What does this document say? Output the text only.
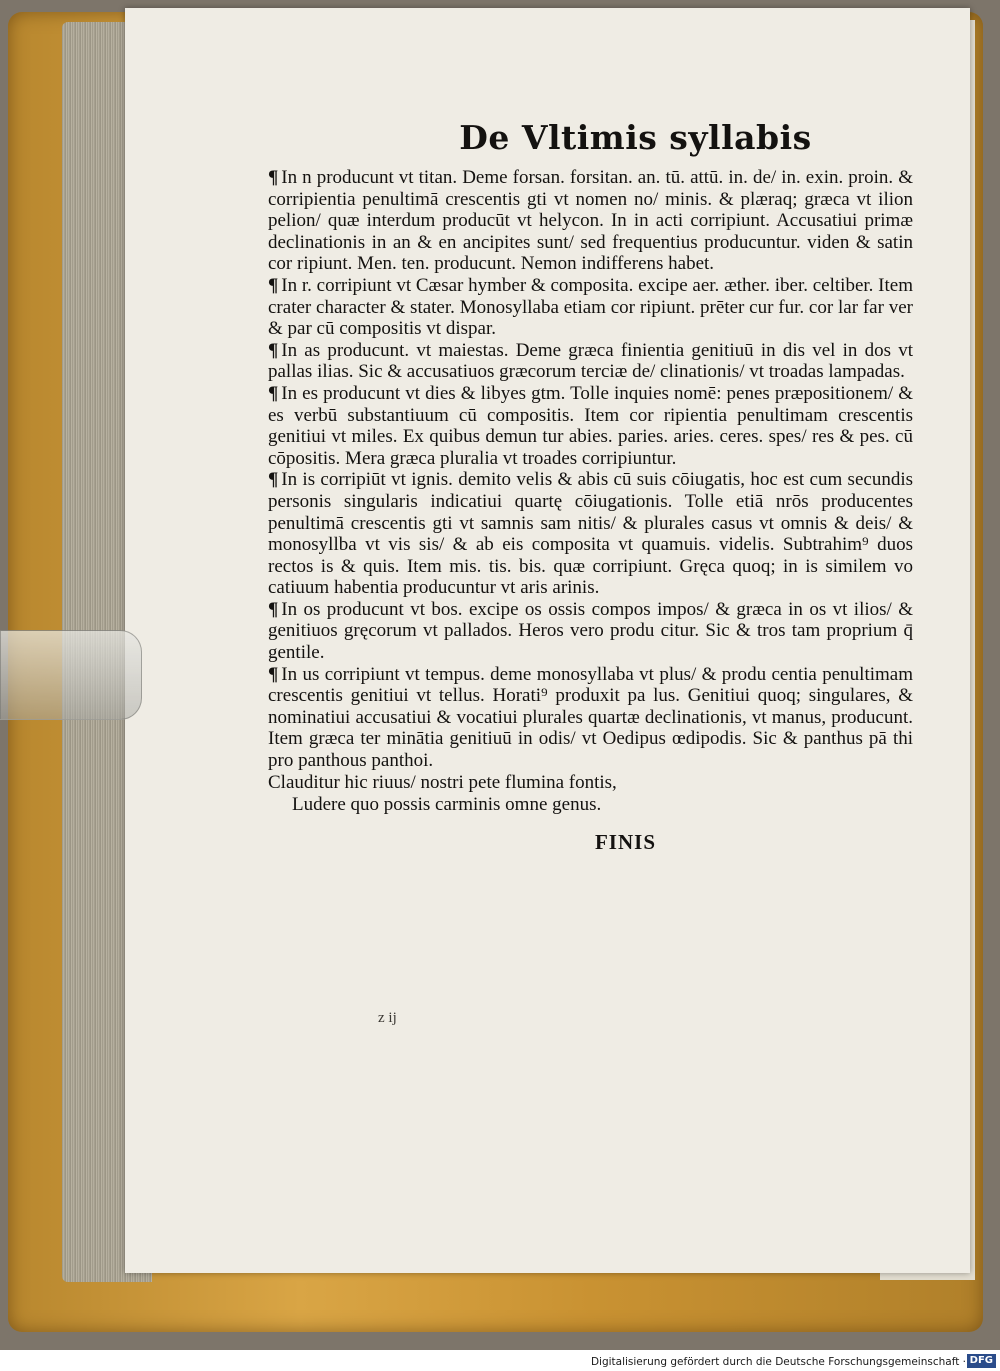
De Vltimis syllabis

¶ In n producunt vt titan. Deme forsan. forsitan. an. tū. attū. in. de/ in. exin. proin. & corripientia penultimā crescentis gti vt nomen no/ minis. & plæraq; græca vt ilion pelion/ quæ interdum producūt vt helycon. In in acti corripiunt. Accusatiui primæ declinationis in an & en ancipites sunt/ sed frequentius producuntur. viden & satin cor ripiunt. Men. ten. producunt. Nemon indifferens habet.

¶ In r. corripiunt vt Cæsar hymber & composita. excipe aer. æther. iber. celtiber. Item crater character & stater. Monosyllaba etiam cor ripiunt. prēter cur fur. cor lar far ver & par cū compositis vt dispar.

¶ In as producunt. vt maiestas. Deme græca finientia genitiuū in dis vel in dos vt pallas ilias. Sic & accusatiuos græcorum terciæ de/ clinationis/ vt troadas lampadas.

¶ In es producunt vt dies & libyes gtm. Tolle inquies nomē: penes præpositionem/ & es verbū substantiuum cū compositis. Item cor ripientia penultimam crescentis genitiui vt miles. Ex quibus demun tur abies. paries. aries. ceres. spes/ res & pes. cū cōpositis. Mera græca pluralia vt troades corripiuntur.

¶ In is corripiūt vt ignis. demito velis & abis cū suis cōiugatis, hoc est cum secundis personis singularis indicatiui quartę cōiugationis. Tolle etiā nrōs producentes penultimā crescentis gti vt samnis sam nitis/ & plurales casus vt omnis & deis/ & monosyllba vt vis sis/ & ab eis composita vt quamuis. videlis. Subtrahim⁹ duos rectos is & quis. Item mis. tis. bis. quæ corripiunt. Gręca quoq; in is similem vo catiuum habentia producuntur vt aris arinis.

¶ In os producunt vt bos. excipe os ossis compos impos/ & græca in os vt ilios/ & genitiuos gręcorum vt pallados. Heros vero produ citur. Sic & tros tam proprium q̄ gentile.

¶ In us corripiunt vt tempus. deme monosyllaba vt plus/ & produ centia penultimam crescentis genitiui vt tellus. Horati⁹ produxit pa lus. Genitiui quoq; singulares, & nominatiui accusatiui & vocatiui plurales quartæ declinationis, vt manus, producunt. Item græca ter minātia genitiuū in odis/ vt Oedipus œdipodis. Sic & panthus pā thi pro panthous panthoi.

Clauditur hic riuus/ nostri pete flumina fontis,

Ludere quo possis carminis omne genus.

FINIS

z ij
Digitalisierung gefördert durch die Deutsche Forschungsgemeinschaft · DFG
